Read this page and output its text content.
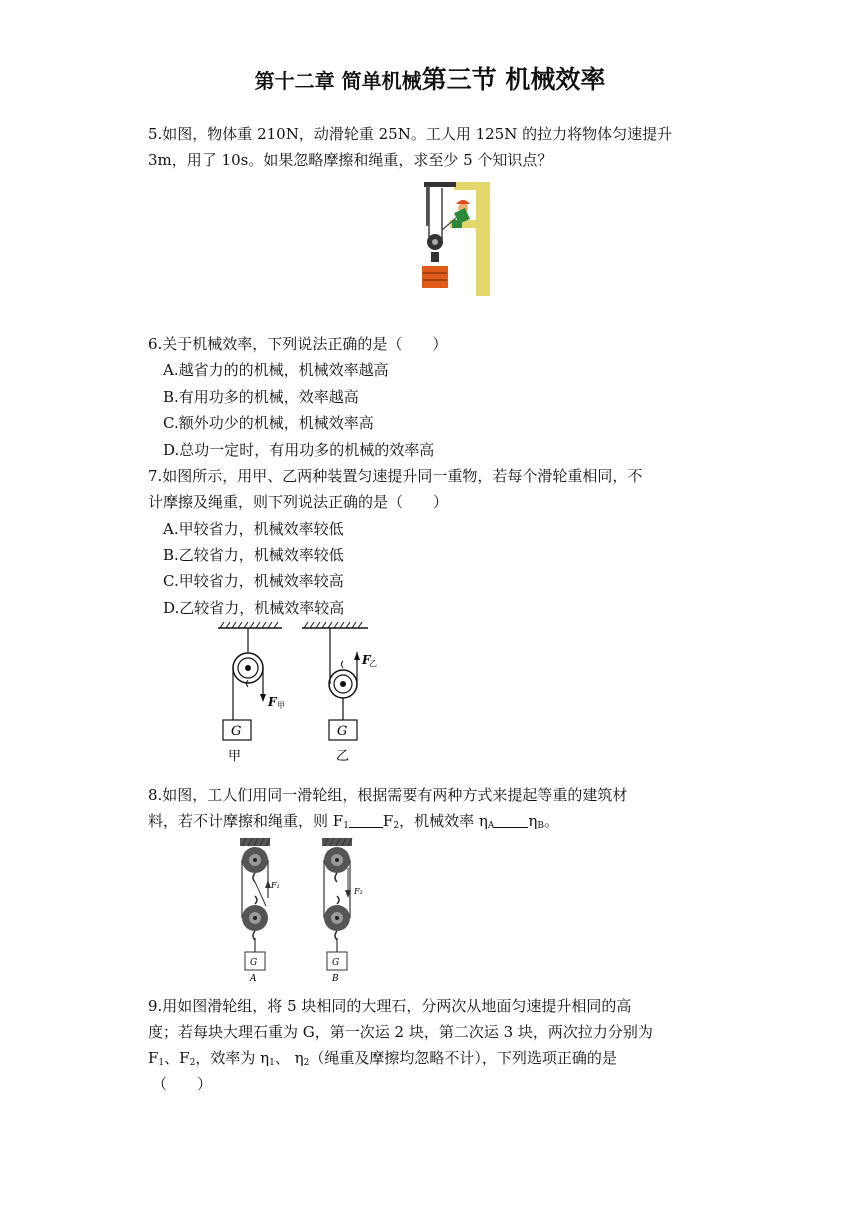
第十二章 简单机械第三节 机械效率
5.如图，物体重 210N，动滑轮重 25N。工人用 125N 的拉力将物体匀速提升
3m，用了 10s。如果忽略摩擦和绳重，求至少 5 个知识点？
6.关于机械效率，下列说法正确的是（　　）
A.越省力的的机械，机械效率越高
B.有用功多的机械，效率越高
C.额外功少的机械，机械效率高
D.总功一定时，有用功多的机械的效率高
7.如图所示，用甲、乙两种装置匀速提升同一重物，若每个滑轮重相同，不
计摩擦及绳重，则下列说法正确的是（　　）
A.甲较省力，机械效率较低
B.乙较省力，机械效率较低
C.甲较省力，机械效率较高
D.乙较省力，机械效率较高
G
F 甲
甲
G
F
乙
乙
8.如图，工人们用同一滑轮组，根据需要有两种方式来提起等重的建筑材
料，若不计摩擦和绳重，则 $F_1$ $F_2$，机械效率 $\eta_A$ $\eta_B$。
G
F₁
A
G
F₂
B
9.用如图滑轮组，将 5 块相同的大理石，分两次从地面匀速提升相同的高
度；若每块大理石重为 G，第一次运 2 块，第二次运 3 块，两次拉力分别为
$F_1$、$F_2$，效率为 $\eta_1$、 $\eta_2$（绳重及摩擦均忽略不计），下列选项正确的是
（　　）
